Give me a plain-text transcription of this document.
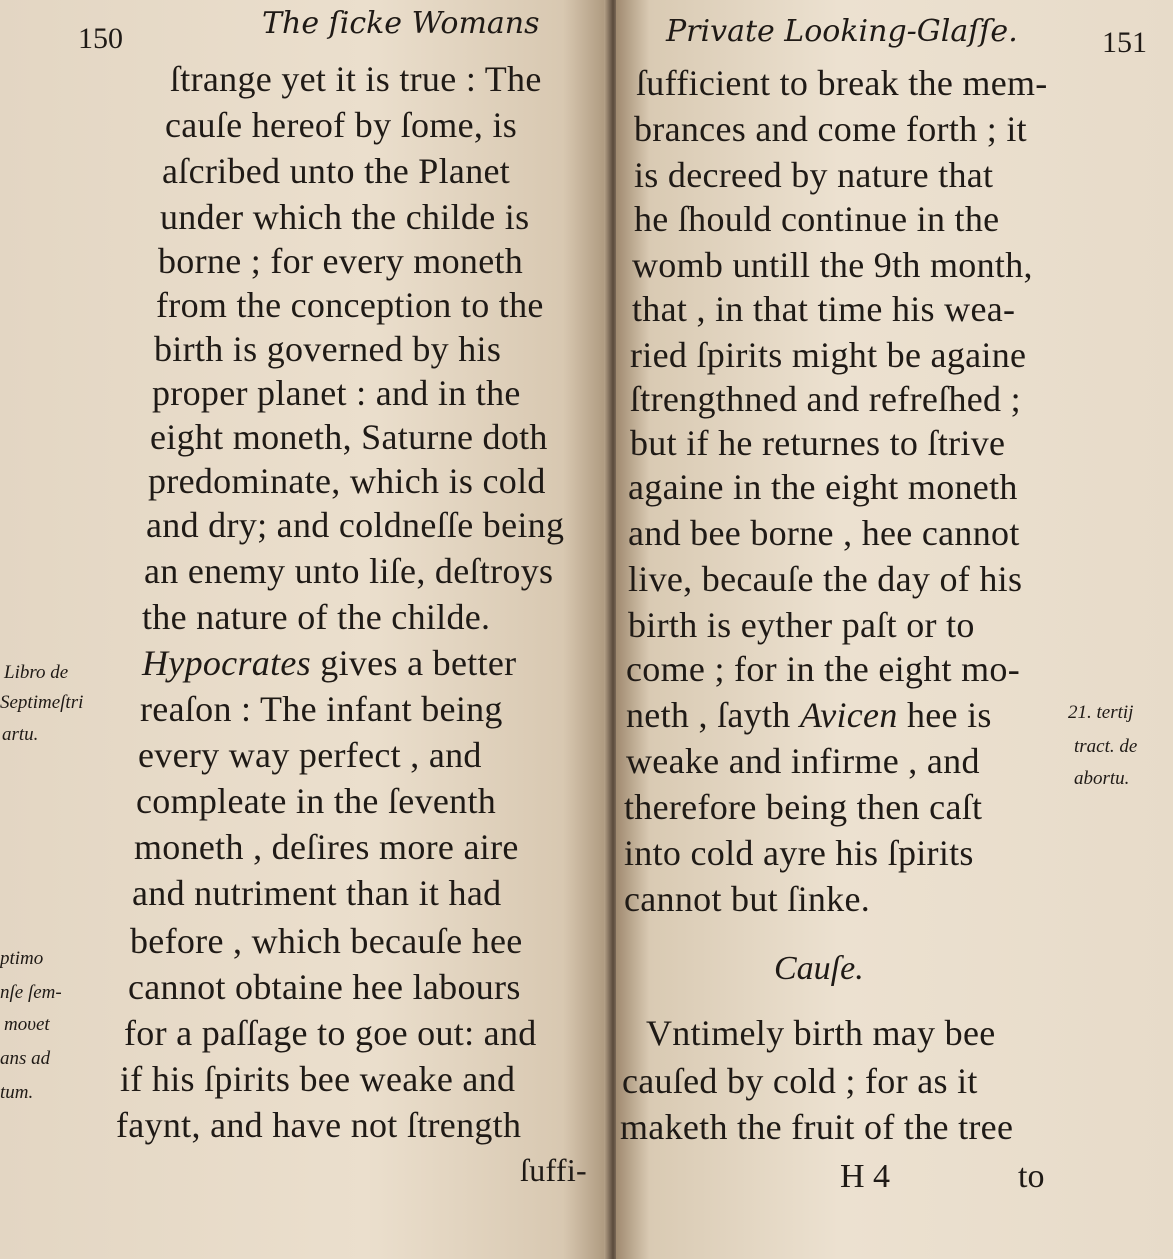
150	The ſicke Womans
ſtrange yet it is true : The
cauſe hereof by ſome, is
aſcribed unto the Planet
under which the childe is
borne ; for every moneth
from the conception to the
birth is governed by his
proper planet : and in the
eight moneth, Saturne doth
predominate, which is cold
and dry; and coldneſſe being
an enemy unto liſe, deſtroys
the nature of the childe.
Hypocrates gives a better
reaſon : The infant being
every way perfect , and
compleate in the ſeventh
moneth , deſires more aire
and nutriment than it had
before , which becauſe hee
cannot obtaine hee labours
for a paſſage to goe out: and
if his ſpirits bee weake and
faynt, and have not ſtrength
ſuffi-
Libro de
Septimeſtri
artu.
ptimo
nſe ſem-
moυet
ans ad
tum.
Private Looking-Glaſſe.	151
ſufficient to break the mem-
brances and come forth ; it
is decreed by nature that
he ſhould continue in the
womb untill the 9th month,
that , in that time his wea-
ried ſpirits might be againe
ſtrengthned and refreſhed ;
but if he returnes to ſtrive
againe in the eight moneth
and bee borne , hee cannot
live, becauſe the day of his
birth is eyther paſt or to
come ; for in the eight mo-
neth , ſayth Avicen hee is
weake and infirme , and
therefore being then caſt
into cold ayre his ſpirits
cannot but ſinke.
Cauſe.
Vntimely birth may bee
cauſed by cold ; for as it
maketh the fruit of the tree
H 4	to
21. tertij
tract. de
abortu.
